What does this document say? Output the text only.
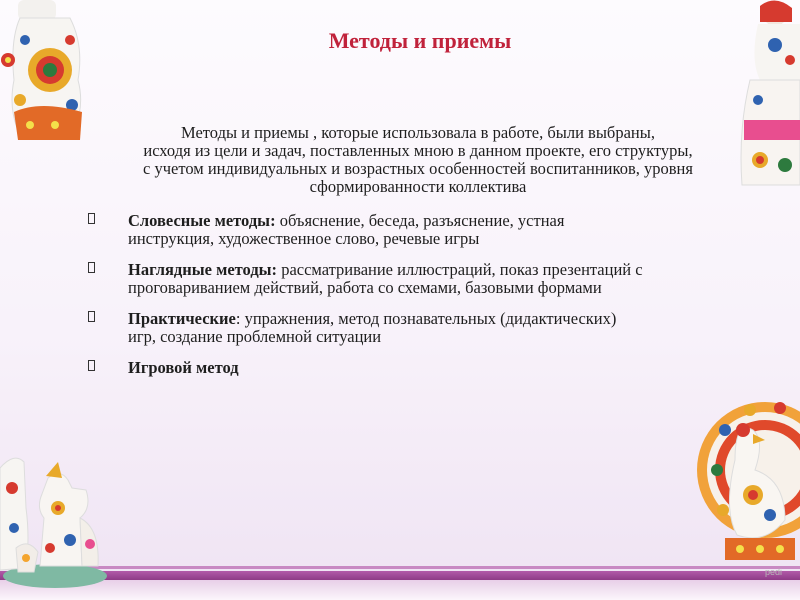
pedi
Методы и приемы
Методы и приемы , которые использовала в работе, были выбраны,
исходя из цели и задач, поставленных мною в данном проекте, его структуры,
с учетом индивидуальных и возрастных особенностей воспитанников, уровня
сформированности коллектива
Словесные методы: объяснение, беседа, разъяснение, устная
инструкция, художественное слово, речевые игры
Наглядные методы: рассматривание иллюстраций, показ презентаций с
проговариванием действий, работа со схемами, базовыми формами
Практические: упражнения, метод познавательных (дидактических)
игр, создание проблемной ситуации
Игровой метод
